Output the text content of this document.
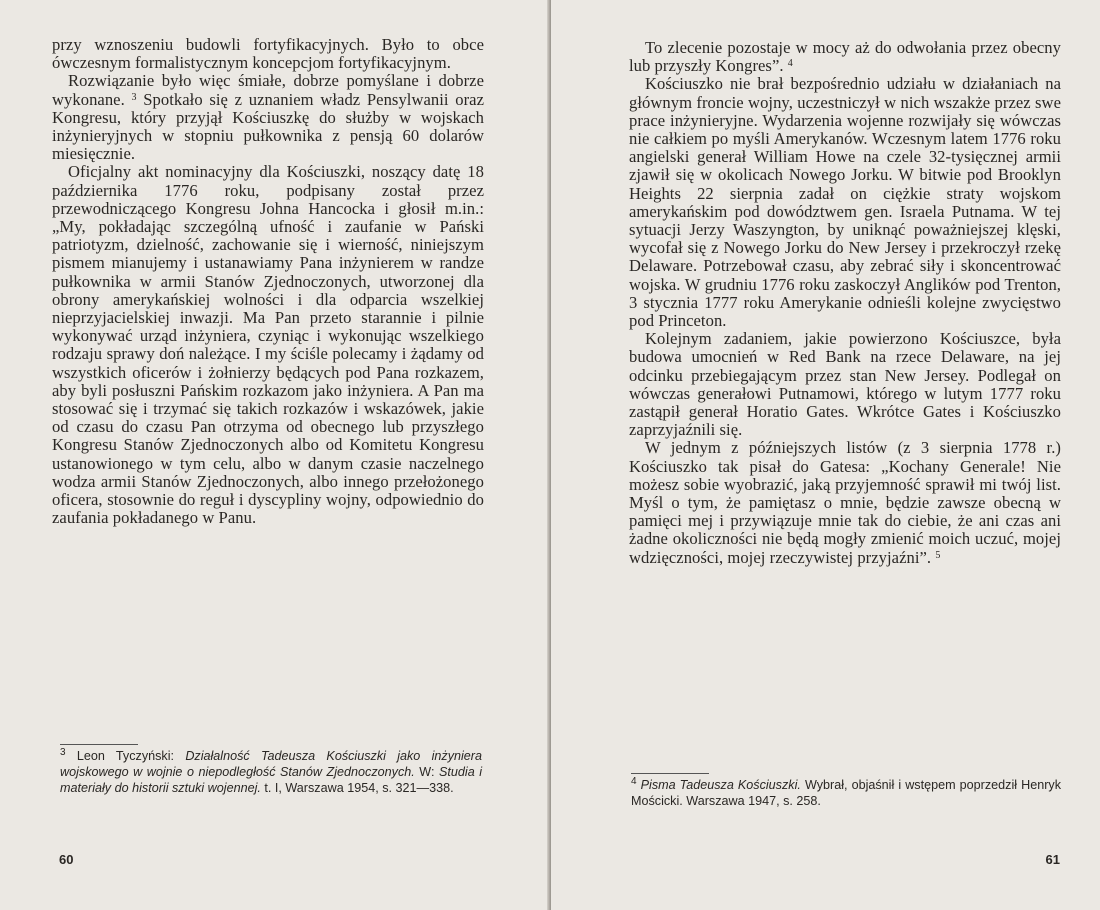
przy wznoszeniu budowli fortyfikacyjnych. Było to obce ówczesnym formalistycznym koncepcjom fortyfikacyjnym.

Rozwiązanie było więc śmiałe, dobrze pomyślane i dobrze wykonane. $^3$ Spotkało się z uznaniem władz Pensylwanii oraz Kongresu, który przyjął Kościuszkę do służby w wojskach inżynieryjnych w stopniu pułkownika z pensją 60 dolarów miesięcznie.

Oficjalny akt nominacyjny dla Kościuszki, noszący datę 18 października 1776 roku, podpisany został przez przewodniczącego Kongresu Johna Hancocka i głosił m.in.: „My, pokładając szczególną ufność i zaufanie w Pański patriotyzm, dzielność, zachowanie się i wierność, niniejszym pismem mianujemy i ustanawiamy Pana inżynierem w randze pułkownika w armii Stanów Zjednoczonych, utworzonej dla obrony amerykańskiej wolności i dla odparcia wszelkiej nieprzyjacielskiej inwazji. Ma Pan przeto starannie i pilnie wykonywać urząd inżyniera, czyniąc i wykonując wszelkiego rodzaju sprawy doń należące. I my ściśle polecamy i żądamy od wszystkich oficerów i żołnierzy będących pod Pana rozkazem, aby byli posłuszni Pańskim rozkazom jako inżyniera. A Pan ma stosować się i trzymać się takich rozkazów i wskazówek, jakie od czasu do czasu Pan otrzyma od obecnego lub przyszłego Kongresu Stanów Zjednoczonych albo od Komitetu Kongresu ustanowionego w tym celu, albo w danym czasie naczelnego wodza armii Stanów Zjednoczonych, albo innego przełożonego oficera, stosownie do reguł i dyscypliny wojny, odpowiednio do zaufania pokładanego w Panu.

$^3$ Leon Tyczyński: Działalność Tadeusza Kościuszki jako inżyniera wojskowego w wojnie o niepodległość Stanów Zjednoczonych. W: Studia i materiały do historii sztuki wojennej. t. I, Warszawa 1954, s. 321—338.
60

To zlecenie pozostaje w mocy aż do odwołania przez obecny lub przyszły Kongres”. $^4$

Kościuszko nie brał bezpośrednio udziału w działaniach na głównym froncie wojny, uczestniczył w nich wszakże przez swe prace inżynieryjne. Wydarzenia wojenne rozwijały się wówczas nie całkiem po myśli Amerykanów. Wczesnym latem 1776 roku angielski generał William Howe na czele 32-tysięcznej armii zjawił się w okolicach Nowego Jorku. W bitwie pod Brooklyn Heights 22 sierpnia zadał on ciężkie straty wojskom amerykańskim pod dowództwem gen. Israela Putnama. W tej sytuacji Jerzy Waszyngton, by uniknąć poważniejszej klęski, wycofał się z Nowego Jorku do New Jersey i przekroczył rzekę Delaware. Potrzebował czasu, aby zebrać siły i skoncentrować wojska. W grudniu 1776 roku zaskoczył Anglików pod Trenton, 3 stycznia 1777 roku Amerykanie odnieśli kolejne zwycięstwo pod Princeton.

Kolejnym zadaniem, jakie powierzono Kościuszce, była budowa umocnień w Red Bank na rzece Delaware, na jej odcinku przebiegającym przez stan New Jersey. Podlegał on wówczas generałowi Putnamowi, którego w lutym 1777 roku zastąpił generał Horatio Gates. Wkrótce Gates i Kościuszko zaprzyjaźnili się.

W jednym z późniejszych listów (z 3 sierpnia 1778 r.) Kościuszko tak pisał do Gatesa: „Kochany Generale! Nie możesz sobie wyobrazić, jaką przyjemność sprawił mi twój list. Myśl o tym, że pamiętasz o mnie, będzie zawsze obecną w pamięci mej i przywiązuje mnie tak do ciebie, że ani czas ani żadne okoliczności nie będą mogły zmienić moich uczuć, mojej wdzięczności, mojej rzeczywistej przyjaźni”. $^5$

$^4$ Pisma Tadeusza Kościuszki. Wybrał, objaśnił i wstępem poprzedził Henryk Mościcki. Warszawa 1947, s. 258.
61
